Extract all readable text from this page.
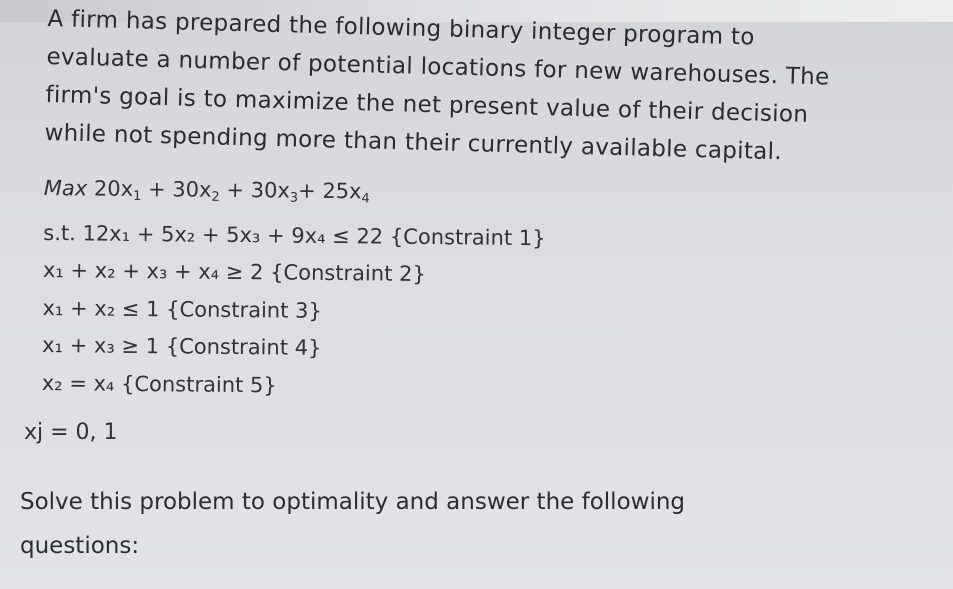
A firm has prepared the following binary integer program to
evaluate a number of potential locations for new warehouses. The
firm's goal is to maximize the net present value of their decision
while not spending more than their currently available capital.
Max $20x_1 + 30x_2 + 30x_3+ 25x_4$
s.t. 12x₁ + 5x₂ + 5x₃ + 9x₄ ≤ 22 {Constraint 1}
x₁ + x₂ + x₃ + x₄ ≥ 2 {Constraint 2}
x₁ + x₂ ≤ 1 {Constraint 3}
x₁ + x₃ ≥ 1 {Constraint 4}
x₂ = x₄ {Constraint 5}
xj = 0, 1
Solve this problem to optimality and answer the following
questions:
